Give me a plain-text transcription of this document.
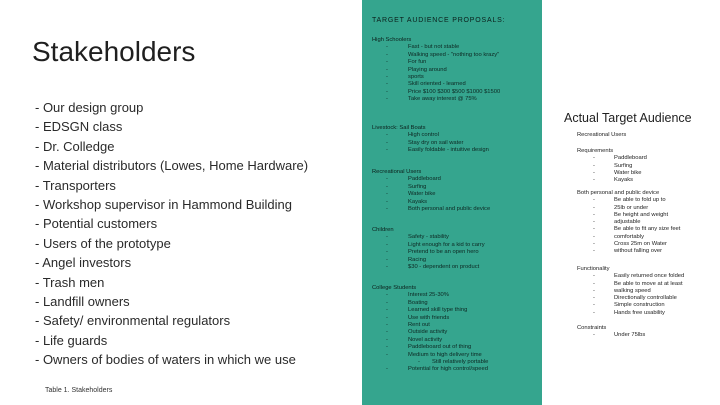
Stakeholders
- Our design group
- EDSGN class
- Dr. Colledge
- Material distributors (Lowes, Home Hardware)
- Transporters
- Workshop supervisor in Hammond Building
- Potential customers
- Users of the prototype
- Angel investors
- Trash men
- Landfill owners
- Safety/ environmental regulators
- Life guards
- Owners of bodies of waters in which we use
Table 1. Stakeholders
TARGET AUDIENCE PROPOSALS:
High Schoolers
- Fast - but not stable
- Walking speed - "nothing too krazy"
- For fun
- Playing around
- sports
- Skill oriented - learned
- Price $100 $300 $500 $1000 $1500
- Take away interest @ 75%
Livestock: Sail Boats
- High control
- Stay dry on sail water
- Easily foldable - intuitive design
Recreational Users
- Paddleboard
- Surfing
- Water bike
- Kayaks
- Both personal and public device
Children
- Safety - stability
- Light enough for a kid to carry
- Pretend to be an open hero
- Racing
- $30 - dependent on product
College Students
- Interest 25-30%
- Boating
- Learned skill type thing
- Use with friends
- Rent out
- Outside activity
- Novel activity
- Paddleboard out of thing
- Medium to high delivery time
- Still relatively portable
- Potential for high control/speed
Actual Target Audience
Recreational Users
Requirements
- Paddleboard
- Surfing
- Water bike
- Kayaks
Both personal and public device
- Be able to fold up to
- 25lb or under
- Be height and weight
- adjustable
- Be able to fit any size feet
- comfortably
- Cross 25m on Water
- without falling over
Functionality
- Easily returned once folded
- Be able to move at at least
- walking speed
- Directionally controllable
- Simple construction
- Hands free usability
Constraints
- Under 75lbs
